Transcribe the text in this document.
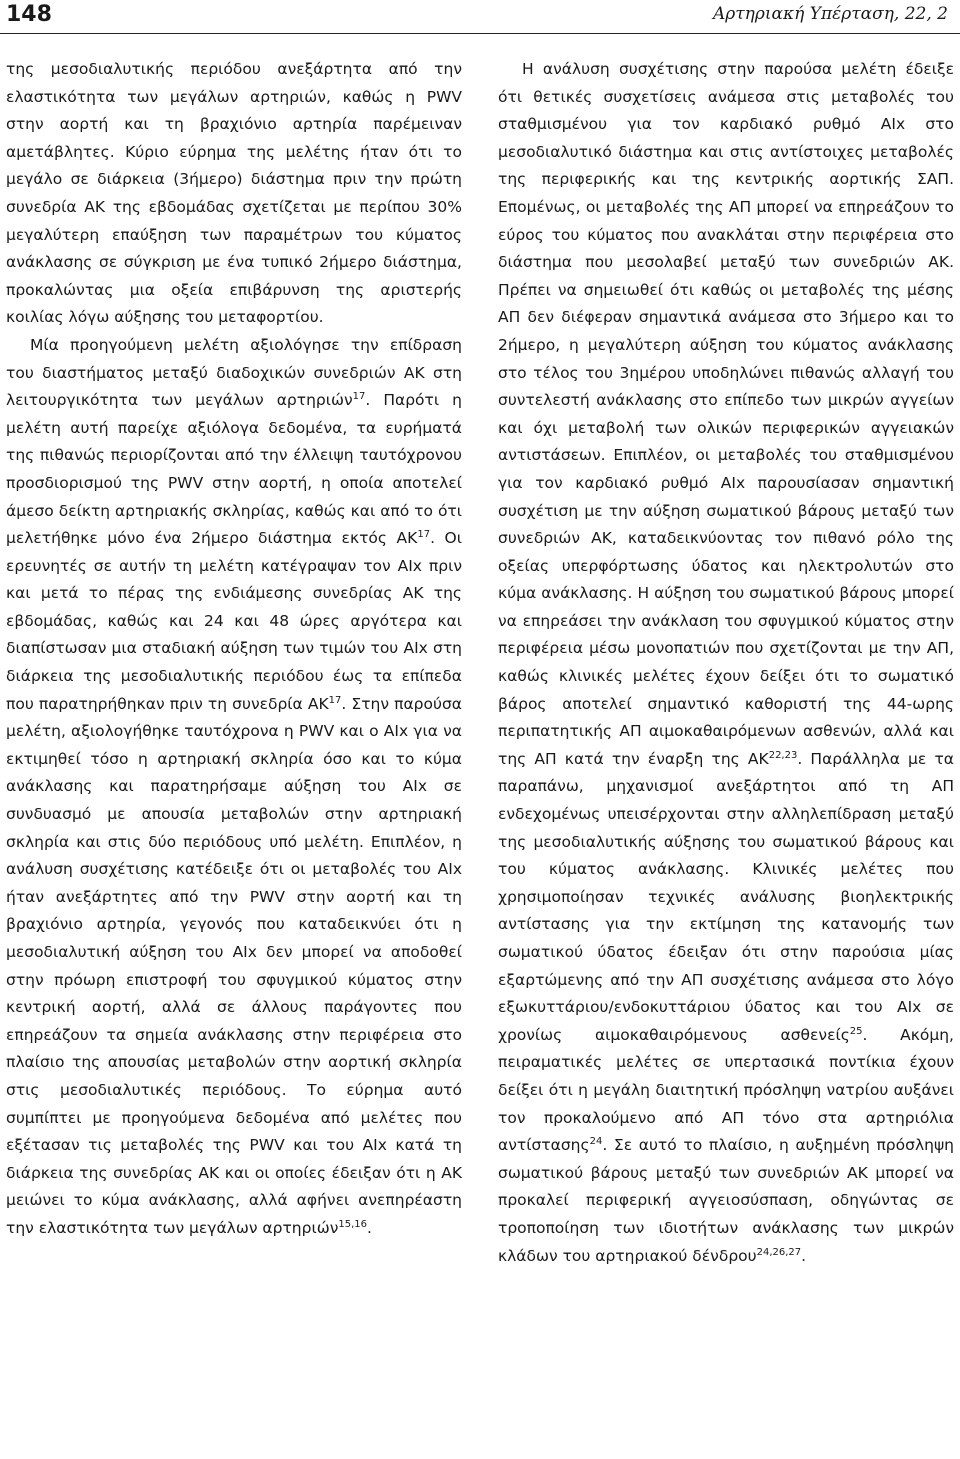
148	Αρτηριακή Υπέρταση, 22, 2

της μεσοδιαλυτικής περιόδου ανεξάρτητα από την ελαστικότητα των μεγάλων αρτηριών, καθώς η PWV στην αορτή και τη βραχιόνιο αρτηρία παρέμειναν αμετάβλητες. Κύριο εύρημα της μελέτης ήταν ότι το μεγάλο σε διάρκεια (3ήμερο) διάστημα πριν την πρώτη συνεδρία ΑΚ της εβδομάδας σχετίζεται με περίπου 30% μεγαλύτερη επαύξηση των παραμέτρων του κύματος ανάκλασης σε σύγκριση με ένα τυπικό 2ήμερο διάστημα, προκαλώντας μια οξεία επιβάρυνση της αριστερής κοιλίας λόγω αύξησης του μεταφορτίου.

Μία προηγούμενη μελέτη αξιολόγησε την επίδραση του διαστήματος μεταξύ διαδοχικών συνεδριών ΑΚ στη λειτουργικότητα των μεγάλων αρτηριών$^{17}$. Παρότι η μελέτη αυτή παρείχε αξιόλογα δεδομένα, τα ευρήματά της πιθανώς περιορίζονται από την έλλειψη ταυτόχρονου προσδιορισμού της PWV στην αορτή, η οποία αποτελεί άμεσο δείκτη αρτηριακής σκληρίας, καθώς και από το ότι μελετήθηκε μόνο ένα 2ήμερο διάστημα εκτός ΑΚ$^{17}$. Οι ερευνητές σε αυτήν τη μελέτη κατέγραψαν τον AIx πριν και μετά το πέρας της ενδιάμεσης συνεδρίας ΑΚ της εβδομάδας, καθώς και 24 και 48 ώρες αργότερα και διαπίστωσαν μια σταδιακή αύξηση των τιμών του AIx στη διάρκεια της μεσοδιαλυτικής περιόδου έως τα επίπεδα που παρατηρήθηκαν πριν τη συνεδρία ΑΚ$^{17}$. Στην παρούσα μελέτη, αξιολογήθηκε ταυτόχρονα η PWV και ο AIx για να εκτιμηθεί τόσο η αρτηριακή σκληρία όσο και το κύμα ανάκλασης και παρατηρήσαμε αύξηση του AIx σε συνδυασμό με απουσία μεταβολών στην αρτηριακή σκληρία και στις δύο περιόδους υπό μελέτη. Επιπλέον, η ανάλυση συσχέτισης κατέδειξε ότι οι μεταβολές του AIx ήταν ανεξάρτητες από την PWV στην αορτή και τη βραχιόνιο αρτηρία, γεγονός που καταδεικνύει ότι η μεσοδιαλυτική αύξηση του AIx δεν μπορεί να αποδοθεί στην πρόωρη επιστροφή του σφυγμικού κύματος στην κεντρική αορτή, αλλά σε άλλους παράγοντες που επηρεάζουν τα σημεία ανάκλασης στην περιφέρεια στο πλαίσιο της απουσίας μεταβολών στην αορτική σκληρία στις μεσοδιαλυτικές περιόδους. Το εύρημα αυτό συμπίπτει με προηγούμενα δεδομένα από μελέτες που εξέτασαν τις μεταβολές της PWV και του AIx κατά τη διάρκεια της συνεδρίας ΑΚ και οι οποίες έδειξαν ότι η ΑΚ μειώνει το κύμα ανάκλασης, αλλά αφήνει ανεπηρέαστη την ελαστικότητα των μεγάλων αρτηριών$^{15,16}$.

Η ανάλυση συσχέτισης στην παρούσα μελέτη έδειξε ότι θετικές συσχετίσεις ανάμεσα στις μεταβολές του σταθμισμένου για τον καρδιακό ρυθμό AIx στο μεσοδιαλυτικό διάστημα και στις αντίστοιχες μεταβολές της περιφερικής και της κεντρικής αορτικής ΣΑΠ. Επομένως, οι μεταβολές της ΑΠ μπορεί να επηρεάζουν το εύρος του κύματος που ανακλάται στην περιφέρεια στο διάστημα που μεσολαβεί μεταξύ των συνεδριών ΑΚ. Πρέπει να σημειωθεί ότι καθώς οι μεταβολές της μέσης ΑΠ δεν διέφεραν σημαντικά ανάμεσα στο 3ήμερο και το 2ήμερο, η μεγαλύτερη αύξηση του κύματος ανάκλασης στο τέλος του 3ημέρου υποδηλώνει πιθανώς αλλαγή του συντελεστή ανάκλασης στο επίπεδο των μικρών αγγείων και όχι μεταβολή των ολικών περιφερικών αγγειακών αντιστάσεων. Επιπλέον, οι μεταβολές του σταθμισμένου για τον καρδιακό ρυθμό AIx παρουσίασαν σημαντική συσχέτιση με την αύξηση σωματικού βάρους μεταξύ των συνεδριών ΑΚ, καταδεικνύοντας τον πιθανό ρόλο της οξείας υπερφόρτωσης ύδατος και ηλεκτρολυτών στο κύμα ανάκλασης. Η αύξηση του σωματικού βάρους μπορεί να επηρεάσει την ανάκλαση του σφυγμικού κύματος στην περιφέρεια μέσω μονοπατιών που σχετίζονται με την ΑΠ, καθώς κλινικές μελέτες έχουν δείξει ότι το σωματικό βάρος αποτελεί σημαντικό καθοριστή της 44-ωρης περιπατητικής ΑΠ αιμοκαθαιρόμενων ασθενών, αλλά και της ΑΠ κατά την έναρξη της ΑΚ$^{22,23}$. Παράλληλα με τα παραπάνω, μηχανισμοί ανεξάρτητοι από τη ΑΠ ενδεχομένως υπεισέρχονται στην αλληλεπίδραση μεταξύ της μεσοδιαλυτικής αύξησης του σωματικού βάρους και του κύματος ανάκλασης. Κλινικές μελέτες που χρησιμοποίησαν τεχνικές ανάλυσης βιοηλεκτρικής αντίστασης για την εκτίμηση της κατανομής των σωματικού ύδατος έδειξαν ότι στην παρούσια μίας εξαρτώμενης από την ΑΠ συσχέτισης ανάμεσα στο λόγο εξωκυττάριου/ενδοκυττάριου ύδατος και του AIx σε χρονίως αιμοκαθαιρόμενους ασθενείς$^{25}$. Ακόμη, πειραματικές μελέτες σε υπερτασικά ποντίκια έχουν δείξει ότι η μεγάλη διαιτητική πρόσληψη νατρίου αυξάνει τον προκαλούμενο από ΑΠ τόνο στα αρτηριόλια αντίστασης$^{24}$. Σε αυτό το πλαίσιο, η αυξημένη πρόσληψη σωματικού βάρους μεταξύ των συνεδριών ΑΚ μπορεί να προκαλεί περιφερική αγγειοσύσπαση, οδηγώντας σε τροποποίηση των ιδιοτήτων ανάκλασης των μικρών κλάδων του αρτηριακού δένδρου$^{24,26,27}$.
